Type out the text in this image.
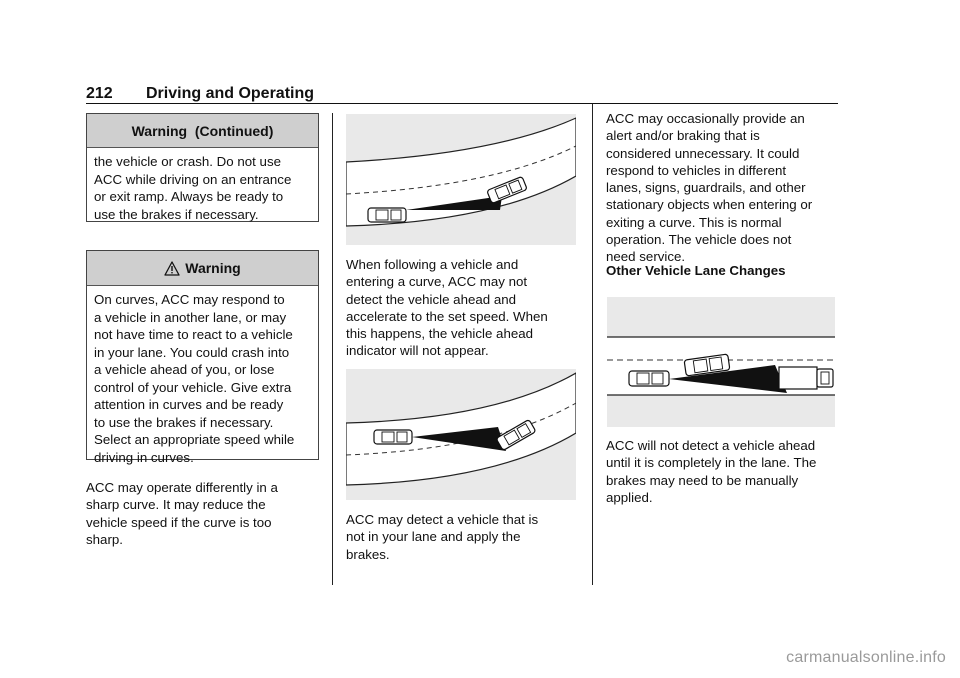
212 Driving and Operating
Warning  (Continued)
the vehicle or crash. Do not use
ACC while driving on an entrance
or exit ramp. Always be ready to
use the brakes if necessary.
Warning
On curves, ACC may respond to
a vehicle in another lane, or may
not have time to react to a vehicle
in your lane. You could crash into
a vehicle ahead of you, or lose
control of your vehicle. Give extra
attention in curves and be ready
to use the brakes if necessary.
Select an appropriate speed while
driving in curves.
ACC may operate differently in a
sharp curve. It may reduce the
vehicle speed if the curve is too
sharp.
When following a vehicle and
entering a curve, ACC may not
detect the vehicle ahead and
accelerate to the set speed. When
this happens, the vehicle ahead
indicator will not appear.
ACC may detect a vehicle that is
not in your lane and apply the
brakes.
ACC may occasionally provide an
alert and/or braking that is
considered unnecessary. It could
respond to vehicles in different
lanes, signs, guardrails, and other
stationary objects when entering or
exiting a curve. This is normal
operation. The vehicle does not
need service.
Other Vehicle Lane Changes
ACC will not detect a vehicle ahead
until it is completely in the lane. The
brakes may need to be manually
applied.
carmanualsonline.info
